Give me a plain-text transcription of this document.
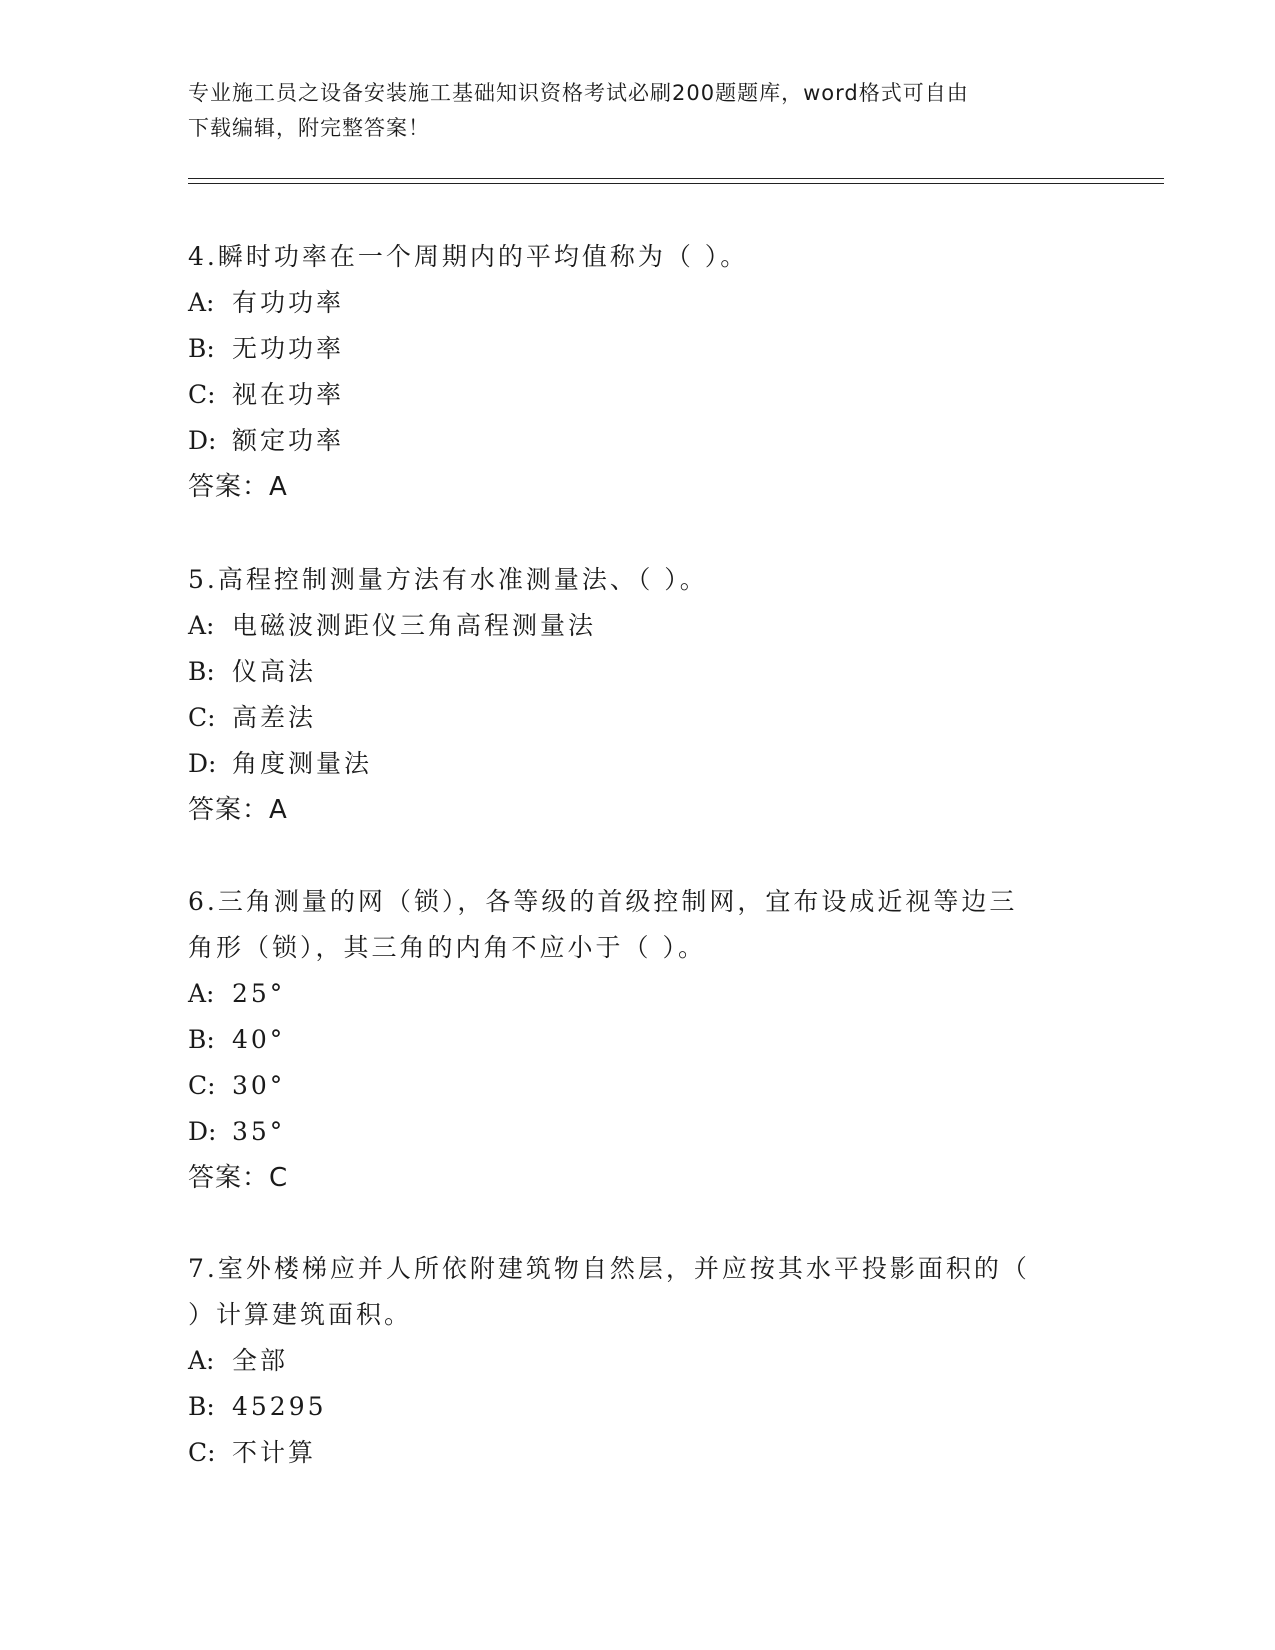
专业施工员之设备安装施工基础知识资格考试必刷200题题库，word格式可自由
下载编辑，附完整答案！

4.瞬时功率在一个周期内的平均值称为（ ）。

A: 有功功率

B: 无功功率

C: 视在功率

D: 额定功率

答案：A

5.高程控制测量方法有水准测量法、（ ）。

A: 电磁波测距仪三角高程测量法

B: 仪高法

C: 高差法

D: 角度测量法

答案：A

6.三角测量的网（锁），各等级的首级控制网，宜布设成近视等边三

角形（锁），其三角的内角不应小于（ ）。

A: 25°

B: 40°

C: 30°

D: 35°

答案：C

7.室外楼梯应并人所依附建筑物自然层，并应按其水平投影面积的（

）计算建筑面积。

A: 全部

B: 45295

C: 不计算
